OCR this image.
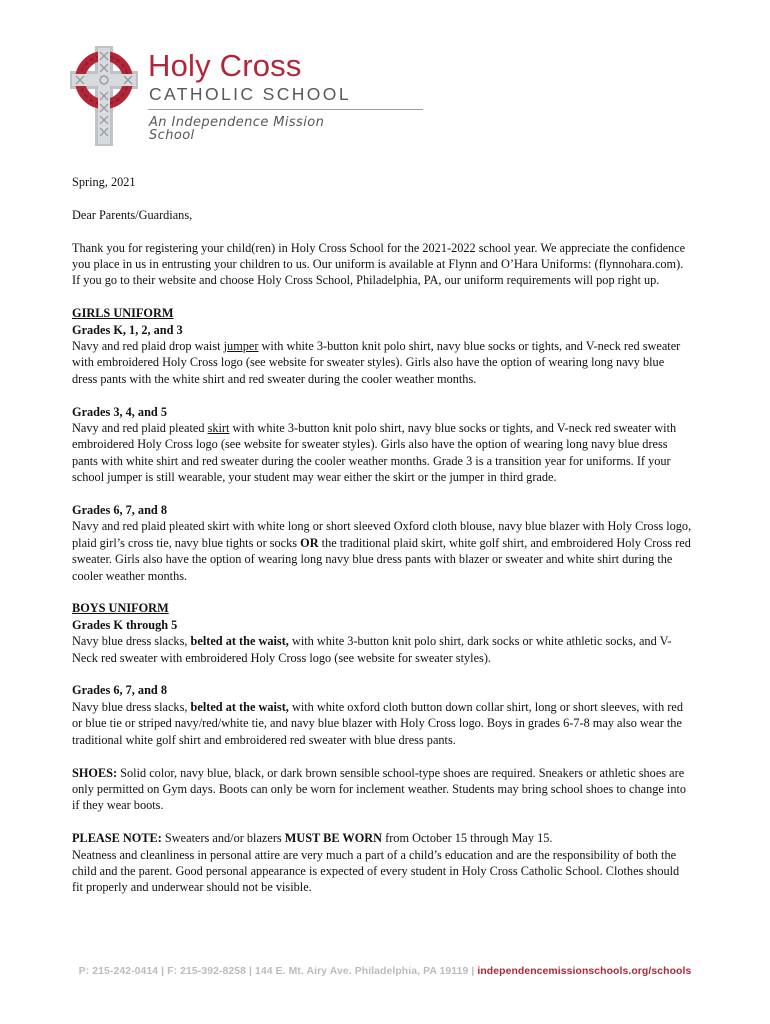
Holy Cross
CATHOLIC SCHOOL
An Independence Mission School

Spring, 2021

Dear Parents/Guardians,

Thank you for registering your child(ren) in Holy Cross School for the 2021-2022 school year. We appreciate the confidence you place in us in entrusting your children to us. Our uniform is available at Flynn and O’Hara Uniforms: (flynnohara.com). If you go to their website and choose Holy Cross School, Philadelphia, PA, our uniform requirements will pop right up.

GIRLS UNIFORM
Grades K, 1, 2, and 3
Navy and red plaid drop waist jumper with white 3-button knit polo shirt, navy blue socks or tights, and V-neck red sweater with embroidered Holy Cross logo (see website for sweater styles). Girls also have the option of wearing long navy blue dress pants with the white shirt and red sweater during the cooler weather months.

Grades 3, 4, and 5
Navy and red plaid pleated skirt with white 3-button knit polo shirt, navy blue socks or tights, and V-neck red sweater with embroidered Holy Cross logo (see website for sweater styles). Girls also have the option of wearing long navy blue dress pants with white shirt and red sweater during the cooler weather months. Grade 3 is a transition year for uniforms. If your school jumper is still wearable, your student may wear either the skirt or the jumper in third grade.

Grades 6, 7, and 8
Navy and red plaid pleated skirt with white long or short sleeved Oxford cloth blouse, navy blue blazer with Holy Cross logo, plaid girl’s cross tie, navy blue tights or socks OR the traditional plaid skirt, white golf shirt, and embroidered Holy Cross red sweater. Girls also have the option of wearing long navy blue dress pants with blazer or sweater and white shirt during the cooler weather months.

BOYS UNIFORM
Grades K through 5
Navy blue dress slacks, belted at the waist, with white 3-button knit polo shirt, dark socks or white athletic socks, and V-Neck red sweater with embroidered Holy Cross logo (see website for sweater styles).

Grades 6, 7, and 8
Navy blue dress slacks, belted at the waist, with white oxford cloth button down collar shirt, long or short sleeves, with red or blue tie or striped navy/red/white tie, and navy blue blazer with Holy Cross logo. Boys in grades 6-7-8 may also wear the traditional white golf shirt and embroidered red sweater with blue dress pants.

SHOES: Solid color, navy blue, black, or dark brown sensible school-type shoes are required. Sneakers or athletic shoes are only permitted on Gym days. Boots can only be worn for inclement weather. Students may bring school shoes to change into if they wear boots.

PLEASE NOTE: Sweaters and/or blazers MUST BE WORN from October 15 through May 15.
Neatness and cleanliness in personal attire are very much a part of a child’s education and are the responsibility of both the child and the parent. Good personal appearance is expected of every student in Holy Cross Catholic School. Clothes should fit properly and underwear should not be visible.

P: 215-242-0414 | F: 215-392-8258 | 144 E. Mt. Airy Ave. Philadelphia, PA 19119 | independencemissionschools.org/schools
